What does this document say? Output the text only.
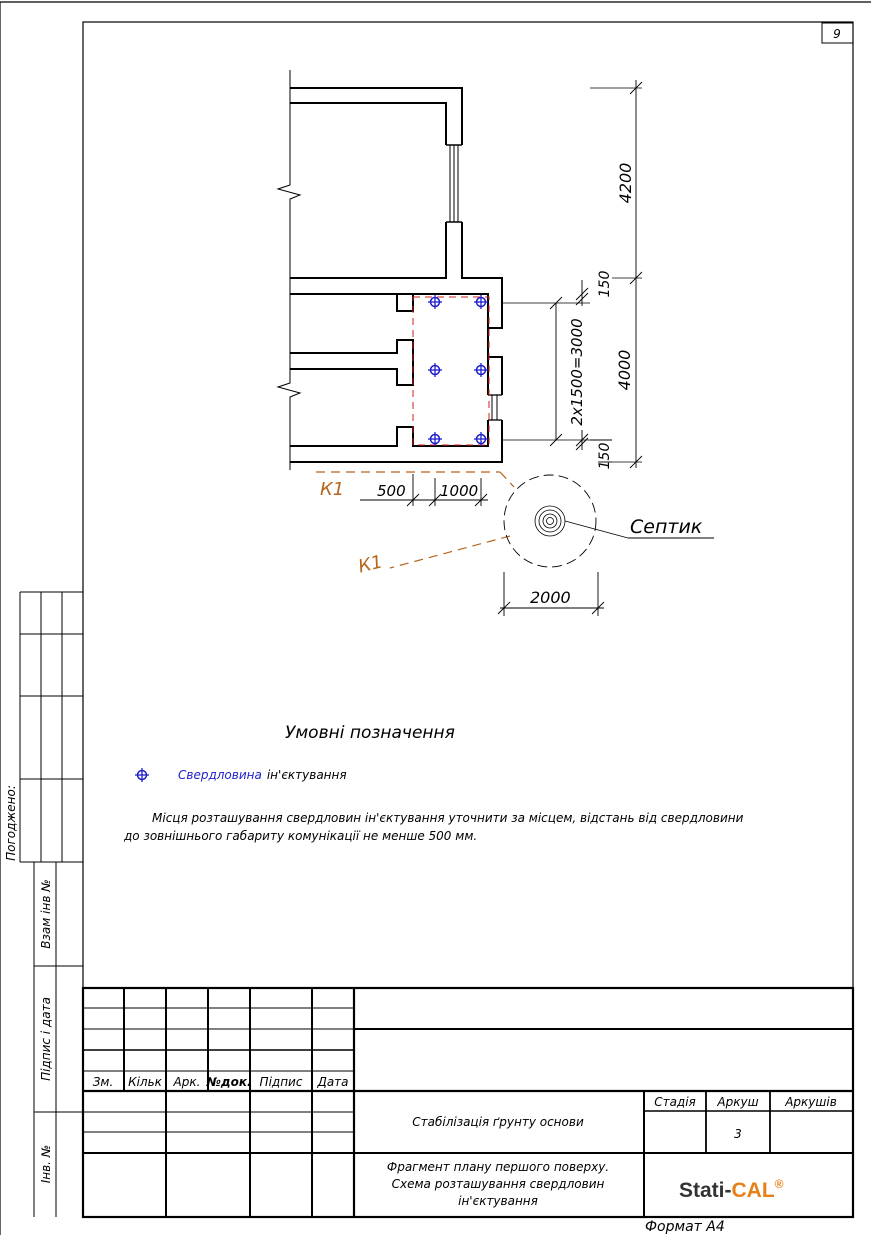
9
4200
150
4000
150
2x1500=3000
500 1000
К1
К1
Септик
2000
Умовні позначення
Свердловина ін'єктування
Місця розташування свердловин ін'єктування уточнити за місцем, відстань від свердловини
до зовнішнього габариту комунікації не менше 500 мм.
Погоджено:
Взам інв №
Підпис і дата
Інв. №
Зм. Кільк Арк. №док. Підпис Дата
Стабілізація ґрунту основи
Стадія Аркуш Аркушів
3
Фрагмент плану першого поверху.
Схема розташування свердловин
ін'єктування	Stati-CAL®
Формат А4
